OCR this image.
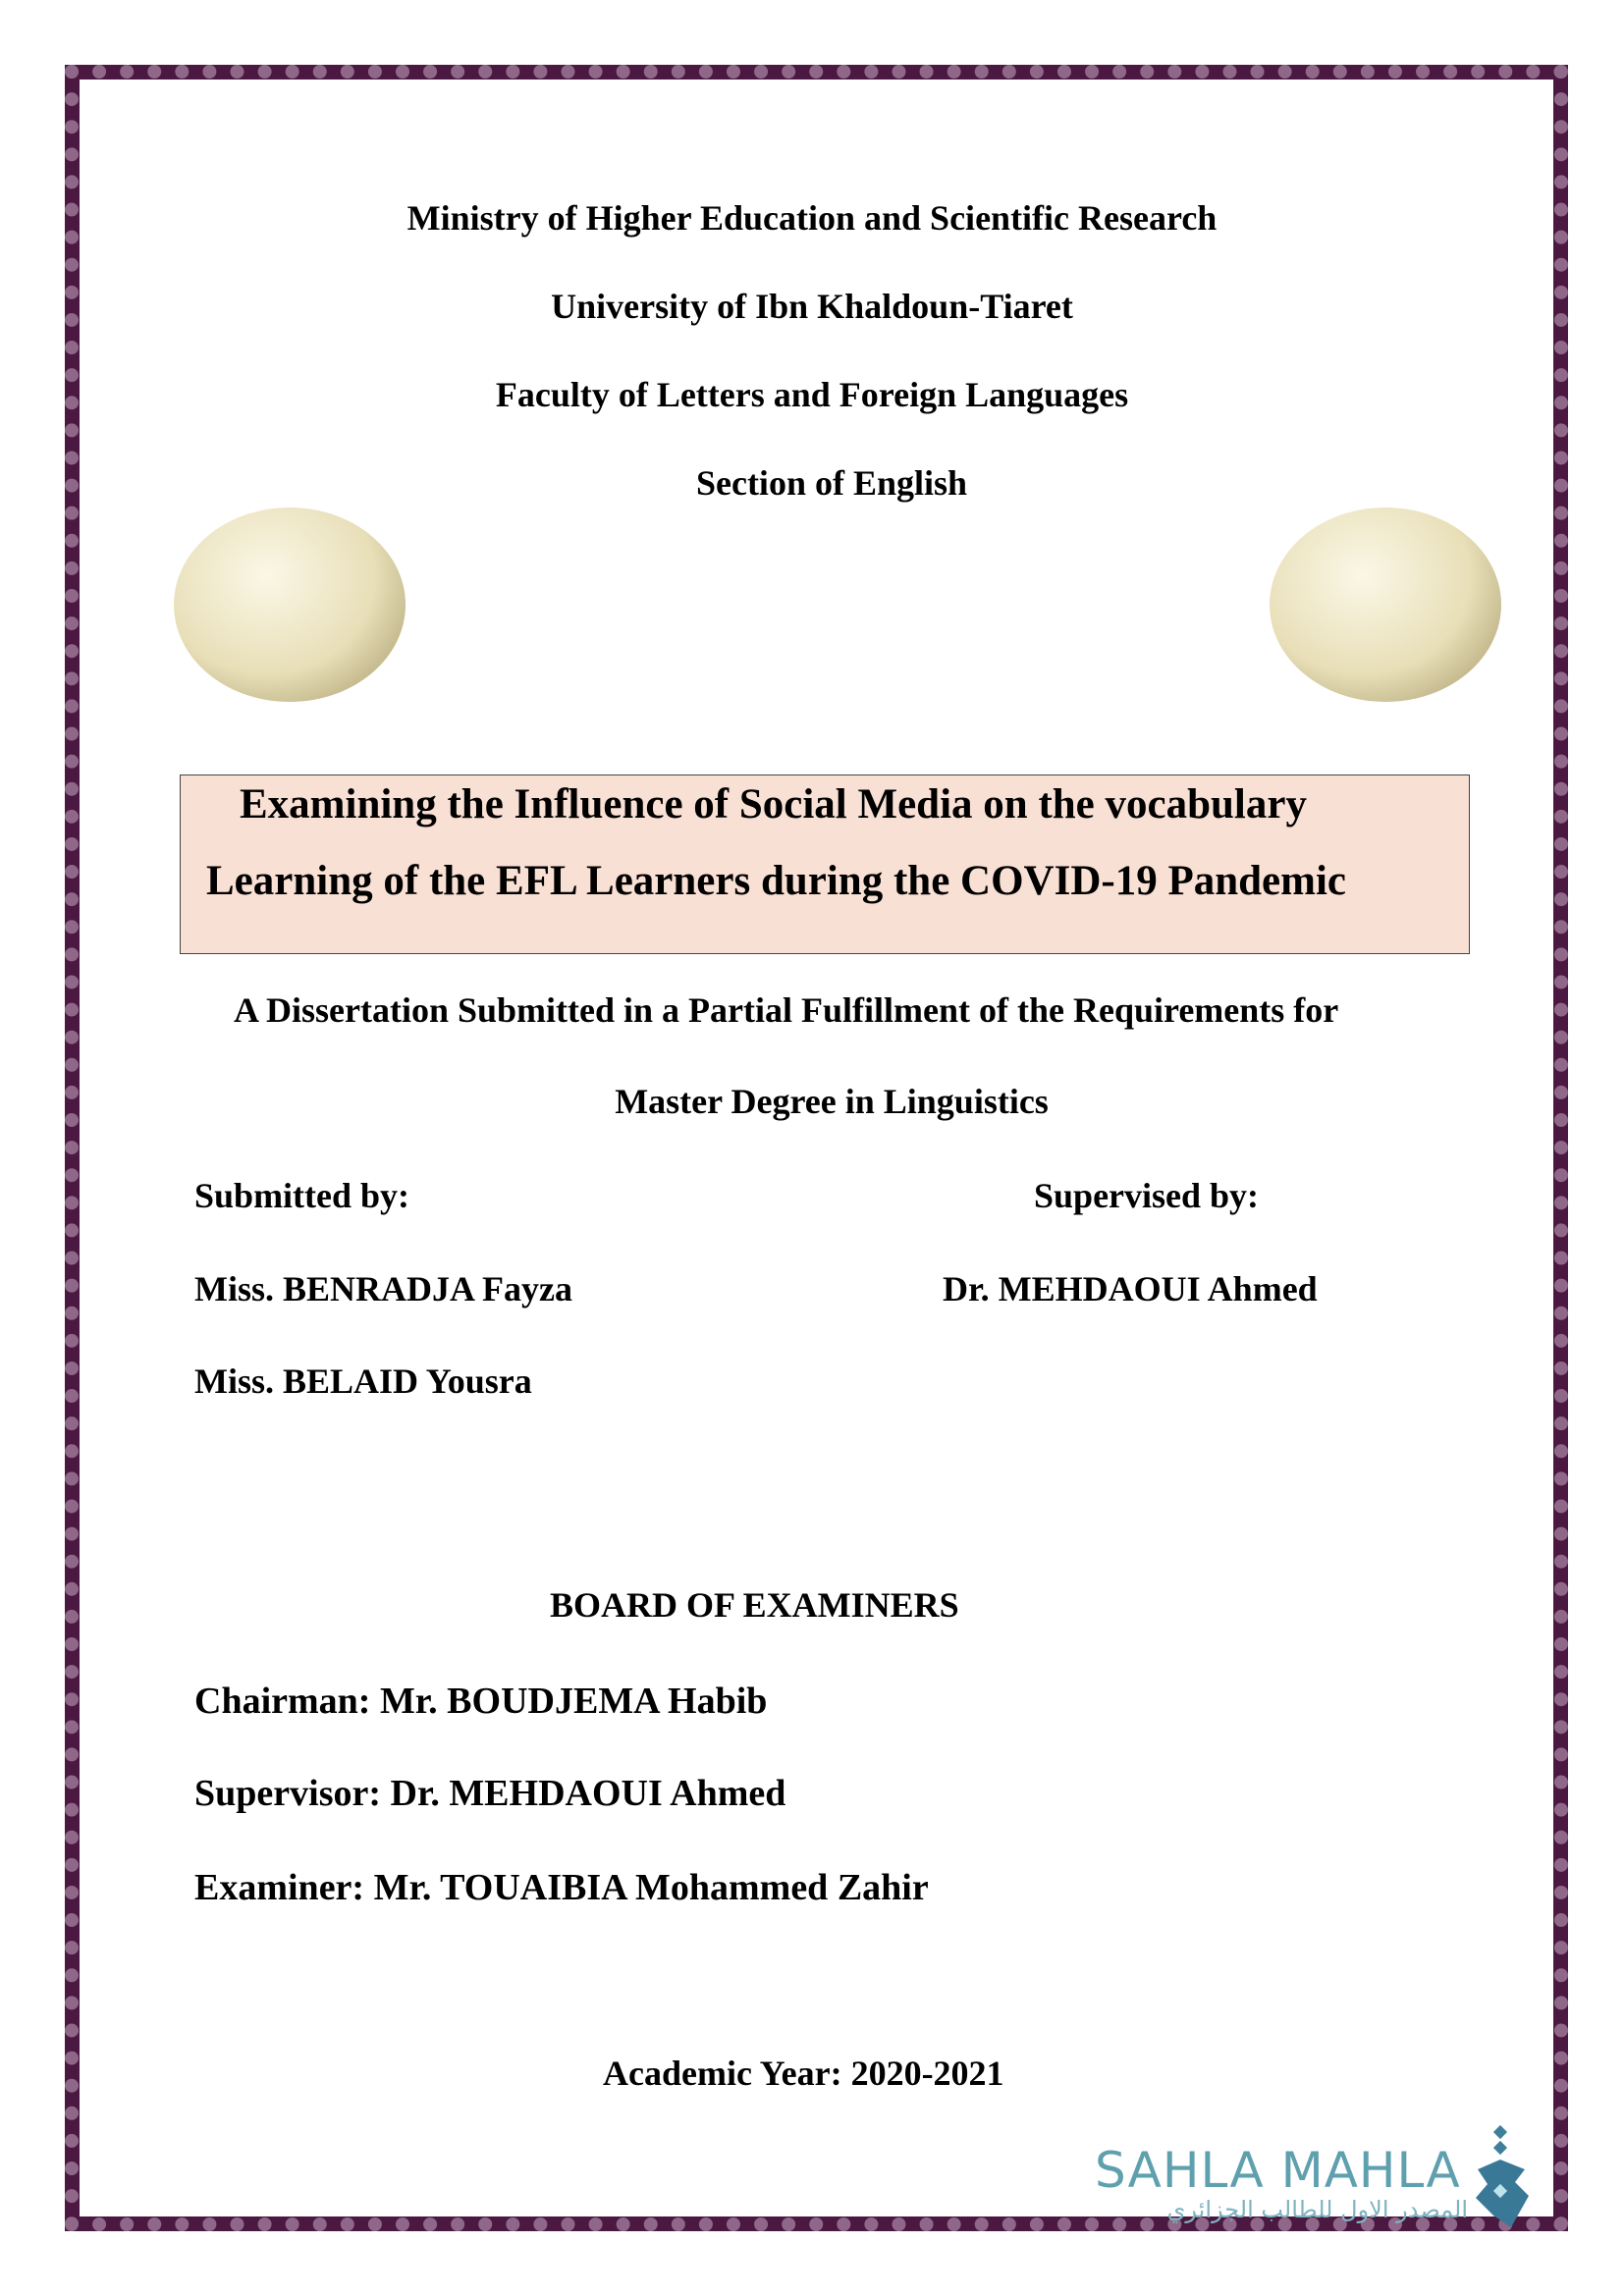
Ministry of Higher Education and Scientific Research
University of Ibn Khaldoun-Tiaret
Faculty of Letters and Foreign Languages
Section of English
Examining the Influence of Social Media on the vocabulary
Learning of the EFL Learners during the COVID-19 Pandemic
A Dissertation Submitted in a Partial Fulfillment of the Requirements for
Master Degree in Linguistics
Submitted by:	Supervised by:
Miss. BENRADJA Fayza	Dr. MEHDAOUI Ahmed
Miss. BELAID Yousra
BOARD OF EXAMINERS
Chairman: Mr. BOUDJEMA Habib
Supervisor: Dr. MEHDAOUI Ahmed
Examiner: Mr. TOUAIBIA Mohammed Zahir
Academic Year: 2020-2021
SAHLA MAHLA
المصدر الاول للطالب الجزائري
